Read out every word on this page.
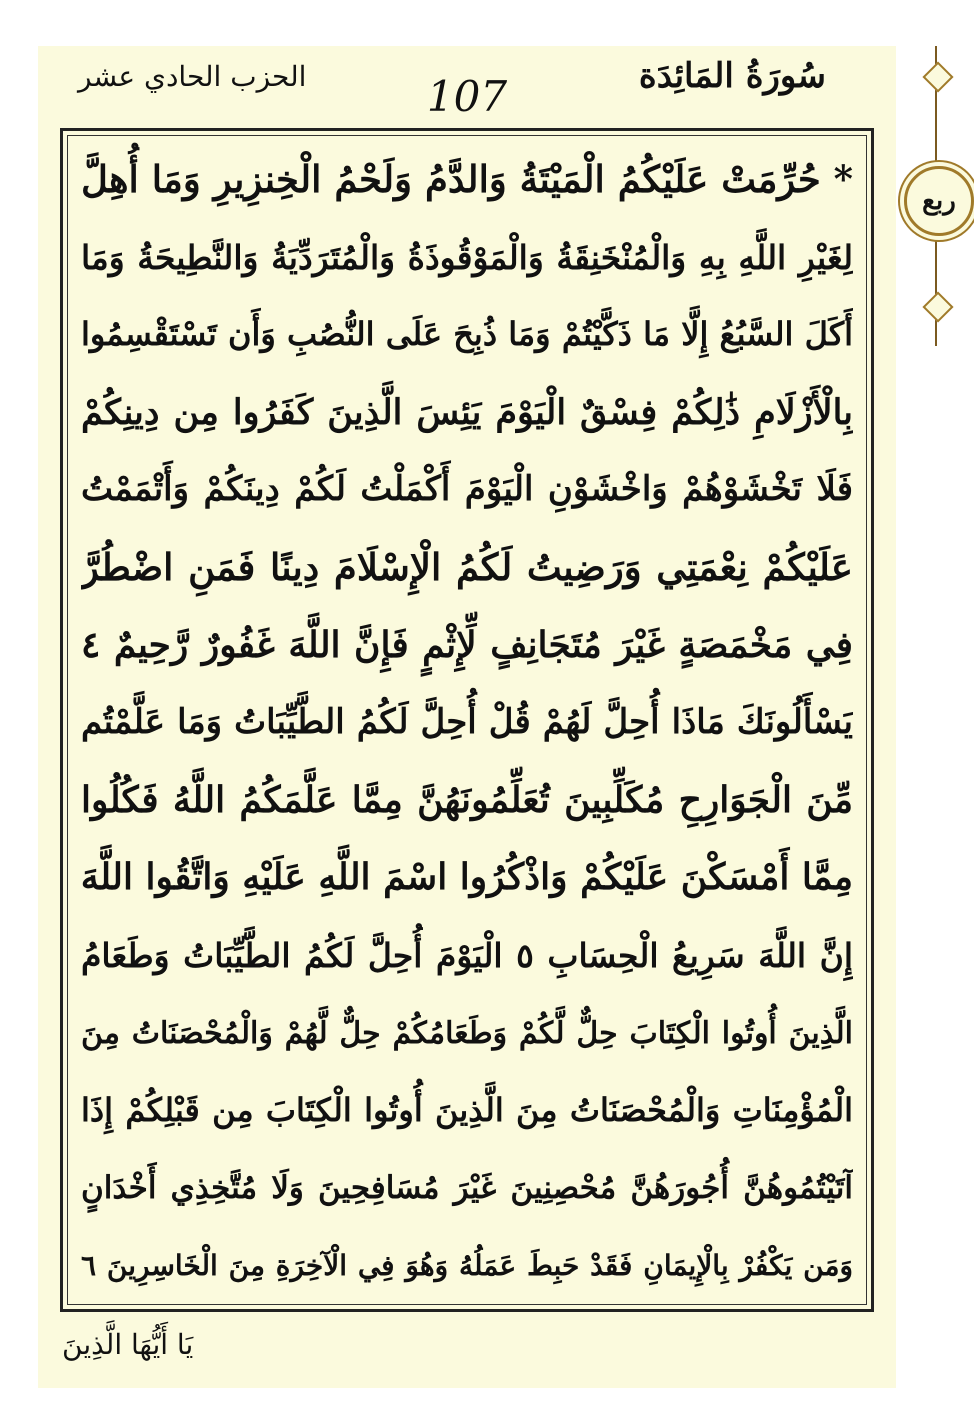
سُورَةُ المَائِدَة
107
الحزب الحادي عشر
* حُرِّمَتْ عَلَيْكُمُ الْمَيْتَةُ وَالدَّمُ وَلَحْمُ الْخِنزِيرِ وَمَا أُهِلَّ
لِغَيْرِ اللَّهِ بِهِ وَالْمُنْخَنِقَةُ وَالْمَوْقُوذَةُ وَالْمُتَرَدِّيَةُ وَالنَّطِيحَةُ وَمَا
أَكَلَ السَّبُعُ إِلَّا مَا ذَكَّيْتُمْ وَمَا ذُبِحَ عَلَى النُّصُبِ وَأَن تَسْتَقْسِمُوا
بِالْأَزْلَامِ ذَٰلِكُمْ فِسْقٌ الْيَوْمَ يَئِسَ الَّذِينَ كَفَرُوا مِن دِينِكُمْ
فَلَا تَخْشَوْهُمْ وَاخْشَوْنِ الْيَوْمَ أَكْمَلْتُ لَكُمْ دِينَكُمْ وَأَتْمَمْتُ
عَلَيْكُمْ نِعْمَتِي وَرَضِيتُ لَكُمُ الْإِسْلَامَ دِينًا فَمَنِ اضْطُرَّ
فِي مَخْمَصَةٍ غَيْرَ مُتَجَانِفٍ لِّإِثْمٍ فَإِنَّ اللَّهَ غَفُورٌ رَّحِيمٌ ٤
يَسْأَلُونَكَ مَاذَا أُحِلَّ لَهُمْ قُلْ أُحِلَّ لَكُمُ الطَّيِّبَاتُ وَمَا عَلَّمْتُم
مِّنَ الْجَوَارِحِ مُكَلِّبِينَ تُعَلِّمُونَهُنَّ مِمَّا عَلَّمَكُمُ اللَّهُ فَكُلُوا
مِمَّا أَمْسَكْنَ عَلَيْكُمْ وَاذْكُرُوا اسْمَ اللَّهِ عَلَيْهِ وَاتَّقُوا اللَّهَ
إِنَّ اللَّهَ سَرِيعُ الْحِسَابِ ٥ الْيَوْمَ أُحِلَّ لَكُمُ الطَّيِّبَاتُ وَطَعَامُ
الَّذِينَ أُوتُوا الْكِتَابَ حِلٌّ لَّكُمْ وَطَعَامُكُمْ حِلٌّ لَّهُمْ وَالْمُحْصَنَاتُ مِنَ
الْمُؤْمِنَاتِ وَالْمُحْصَنَاتُ مِنَ الَّذِينَ أُوتُوا الْكِتَابَ مِن قَبْلِكُمْ إِذَا
آتَيْتُمُوهُنَّ أُجُورَهُنَّ مُحْصِنِينَ غَيْرَ مُسَافِحِينَ وَلَا مُتَّخِذِي أَخْدَانٍ
وَمَن يَكْفُرْ بِالْإِيمَانِ فَقَدْ حَبِطَ عَمَلُهُ وَهُوَ فِي الْآخِرَةِ مِنَ الْخَاسِرِينَ ٦
يَا أَيُّهَا الَّذِينَ
ربع
